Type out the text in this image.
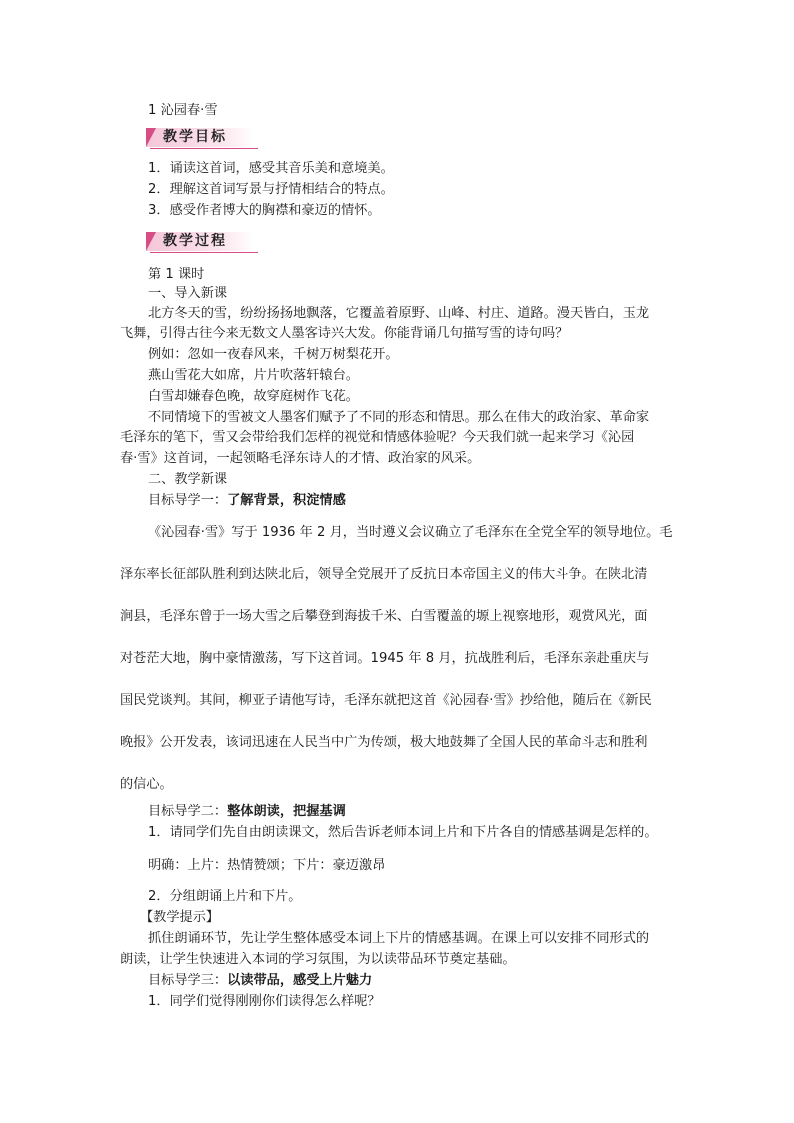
1 沁园春·雪
教学目标
1．诵读这首词，感受其音乐美和意境美。
2．理解这首词写景与抒情相结合的特点。
3．感受作者博大的胸襟和豪迈的情怀。
教学过程
第 1 课时
一、导入新课
北方冬天的雪，纷纷扬扬地飘落，它覆盖着原野、山峰、村庄、道路。漫天皆白，玉龙
飞舞，引得古往今来无数文人墨客诗兴大发。你能背诵几句描写雪的诗句吗？
例如：忽如一夜春风来，千树万树梨花开。
燕山雪花大如席，片片吹落轩辕台。
白雪却嫌春色晚，故穿庭树作飞花。
不同情境下的雪被文人墨客们赋予了不同的形态和情思。那么在伟大的政治家、革命家
毛泽东的笔下，雪又会带给我们怎样的视觉和情感体验呢？今天我们就一起来学习《沁园
春·雪》这首词，一起领略毛泽东诗人的才情、政治家的风采。
二、教学新课
目标导学一：了解背景，积淀情感
《沁园春·雪》写于 1936 年 2 月，当时遵义会议确立了毛泽东在全党全军的领导地位。毛
泽东率长征部队胜利到达陕北后，领导全党展开了反抗日本帝国主义的伟大斗争。在陕北清
涧县，毛泽东曾于一场大雪之后攀登到海拔千米、白雪覆盖的塬上视察地形，观赏风光，面
对苍茫大地，胸中豪情激荡，写下这首词。1945 年 8 月，抗战胜利后，毛泽东亲赴重庆与
国民党谈判。其间，柳亚子请他写诗，毛泽东就把这首《沁园春·雪》抄给他，随后在《新民
晚报》公开发表，该词迅速在人民当中广为传颂，极大地鼓舞了全国人民的革命斗志和胜利
的信心。
目标导学二：整体朗读，把握基调
1．请同学们先自由朗读课文，然后告诉老师本词上片和下片各自的情感基调是怎样的。
明确：上片：热情赞颂；下片：豪迈激昂
2．分组朗诵上片和下片。
【教学提示】
抓住朗诵环节，先让学生整体感受本词上下片的情感基调。在课上可以安排不同形式的
朗读，让学生快速进入本词的学习氛围，为以读带品环节奠定基础。
目标导学三：以读带品，感受上片魅力
1．同学们觉得刚刚你们读得怎么样呢？
